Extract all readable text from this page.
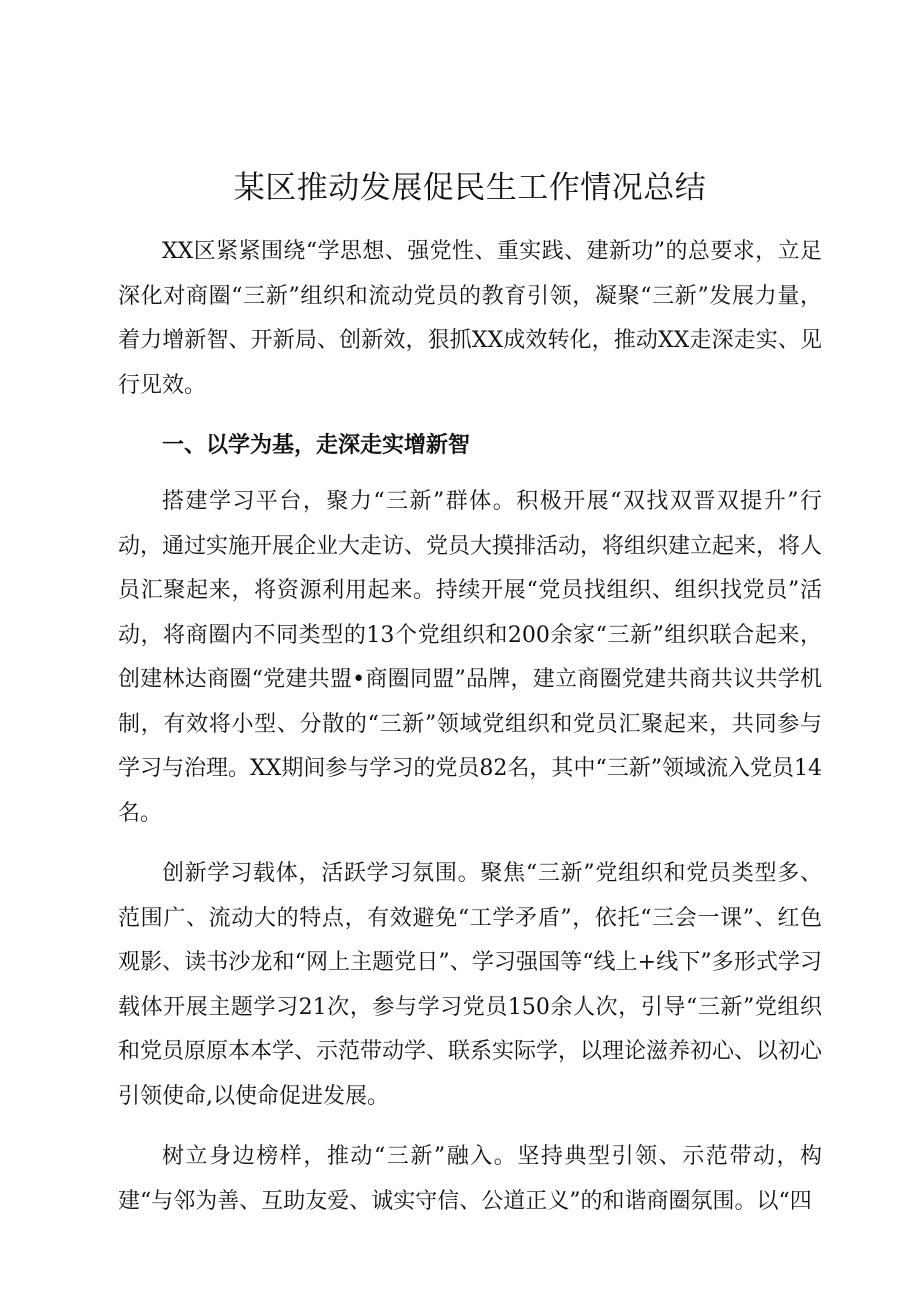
某区推动发展促民生工作情况总结

XX区紧紧围绕“学思想、强党性、重实践、建新功”的总要求，立足深化对商圈“三新”组织和流动党员的教育引领，凝聚“三新”发展力量，着力增新智、开新局、创新效，狠抓XX成效转化，推动XX走深走实、见行见效。

一、以学为基，走深走实增新智

搭建学习平台，聚力“三新”群体。积极开展“双找双晋双提升”行动，通过实施开展企业大走访、党员大摸排活动，将组织建立起来，将人员汇聚起来，将资源利用起来。持续开展“党员找组织、组织找党员”活动，将商圈内不同类型的13个党组织和200余家“三新”组织联合起来，创建林达商圈“党建共盟•商圈同盟”品牌，建立商圈党建共商共议共学机制，有效将小型、分散的“三新”领域党组织和党员汇聚起来，共同参与学习与治理。XX期间参与学习的党员82名，其中“三新”领域流入党员14名。

创新学习载体，活跃学习氛围。聚焦“三新”党组织和党员类型多、范围广、流动大的特点，有效避免“工学矛盾”，依托“三会一课”、红色观影、读书沙龙和“网上主题党日”、学习强国等“线上+线下”多形式学习载体开展主题学习21次，参与学习党员150余人次，引导“三新”党组织和党员原原本本学、示范带动学、联系实际学，以理论滋养初心、以初心引领使命,以使命促进发展。

树立身边榜样，推动“三新”融入。坚持典型引领、示范带动，构建“与邻为善、互助友爱、诚实守信、公道正义”的和谐商圈氛围。以“四
